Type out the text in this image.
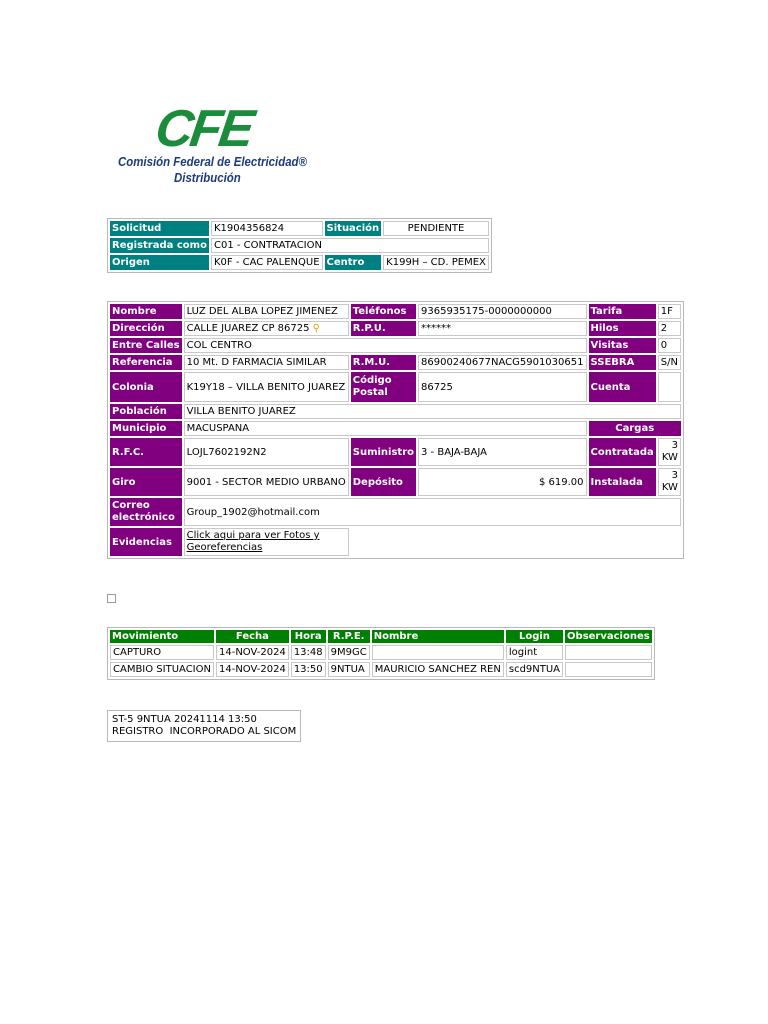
CFE
Comisión Federal de Electricidad®
Distribución
Solicitud	K1904356824	Situación	PENDIENTE
Registrada como	C01 - CONTRATACION		
Origen	K0F - CAC PALENQUE	Centro	K199H – CD. PEMEX
Nombre	LUZ DEL ALBA LOPEZ JIMENEZ	Teléfonos	9365935175-0000000000	Tarifa	1F
Dirección	CALLE JUAREZ CP 86725 ⚲	R.P.U.	******	Hilos	2
Entre Calles	COL CENTRO			Visitas	0
Referencia	10 Mt. D FARMACIA SIMILAR	R.M.U.	86900240677NACG5901030651	SSEBRA	S/N
Colonia	K19Y18 – VILLA BENITO JUAREZ	Código Postal	86725	Cuenta	
Población	VILLA BENITO JUAREZ				
Municipio	MACUSPANA			Cargas	
R.F.C.	LOJL7602192N2	Suministro	3 - BAJA-BAJA	Contratada	3 KW
Giro	9001 - SECTOR MEDIO URBANO	Depósito	$ 619.00	Instalada	3 KW
Correo electrónico	Group_1902@hotmail.com				
Evidencias	Click aqui para ver Fotos y Georeferencias				
Movimiento	Fecha	Hora	R.P.E.	Nombre	Login	Observaciones
CAPTURO	14-NOV-2024	13:48	9M9GC		logint	
CAMBIO SITUACION	14-NOV-2024	13:50	9NTUA	MAURICIO SANCHEZ REN	scd9NTUA	
ST-5 9NTUA 20241114 13:50
REGISTRO  INCORPORADO AL SICOM
